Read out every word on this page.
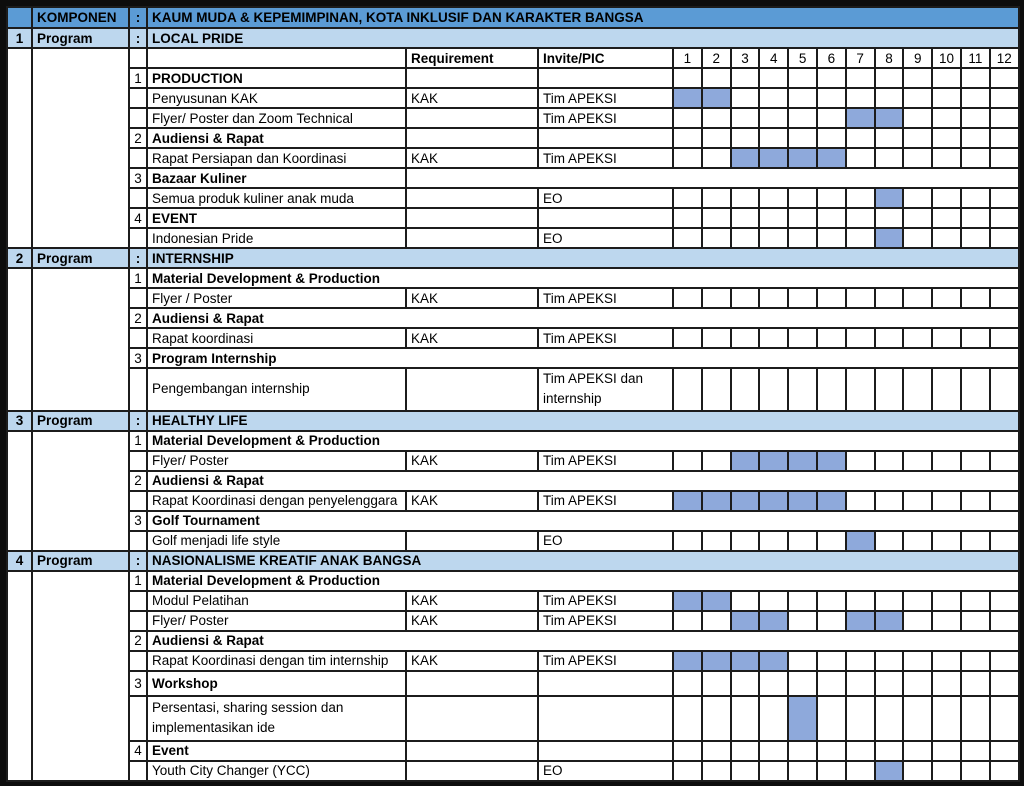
	KOMPONEN	:	KAUM MUDA & KEPEMIMPINAN, KOTA INKLUSIF DAN KARAKTER BANGSA														
1	Program	:	LOCAL PRIDE														
				Requirement	Invite/PIC	1	2	3	4	5	6	7	8	9	10	11	12
		1	PRODUCTION														
			Penyusunan KAK	KAK	Tim APEKSI												
			Flyer/ Poster dan Zoom Technical		Tim APEKSI												
		2	Audiensi & Rapat														
			Rapat Persiapan dan Koordinasi	KAK	Tim APEKSI												
		3	Bazaar Kuliner														
			Semua produk kuliner anak muda		EO												
		4	EVENT														
			Indonesian Pride		EO												
2	Program	:	INTERNSHIP														
		1	Material Development & Production														
			Flyer / Poster	KAK	Tim APEKSI												
		2	Audiensi & Rapat														
			Rapat koordinasi	KAK	Tim APEKSI												
		3	Program Internship														
			Pengembangan internship		Tim APEKSI dan internship												
3	Program	:	HEALTHY LIFE														
		1	Material Development & Production														
			Flyer/ Poster	KAK	Tim APEKSI												
		2	Audiensi & Rapat														
			Rapat Koordinasi dengan penyelenggara	KAK	Tim APEKSI												
		3	Golf Tournament														
			Golf menjadi life style		EO												
4	Program	:	NASIONALISME KREATIF ANAK BANGSA														
		1	Material Development & Production														
			Modul Pelatihan	KAK	Tim APEKSI												
			Flyer/ Poster	KAK	Tim APEKSI												
		2	Audiensi & Rapat														
			Rapat Koordinasi dengan tim internship	KAK	Tim APEKSI												
		3	Workshop														
			Persentasi, sharing session dan implementasikan ide														
		4	Event														
			Youth City Changer (YCC)		EO												
